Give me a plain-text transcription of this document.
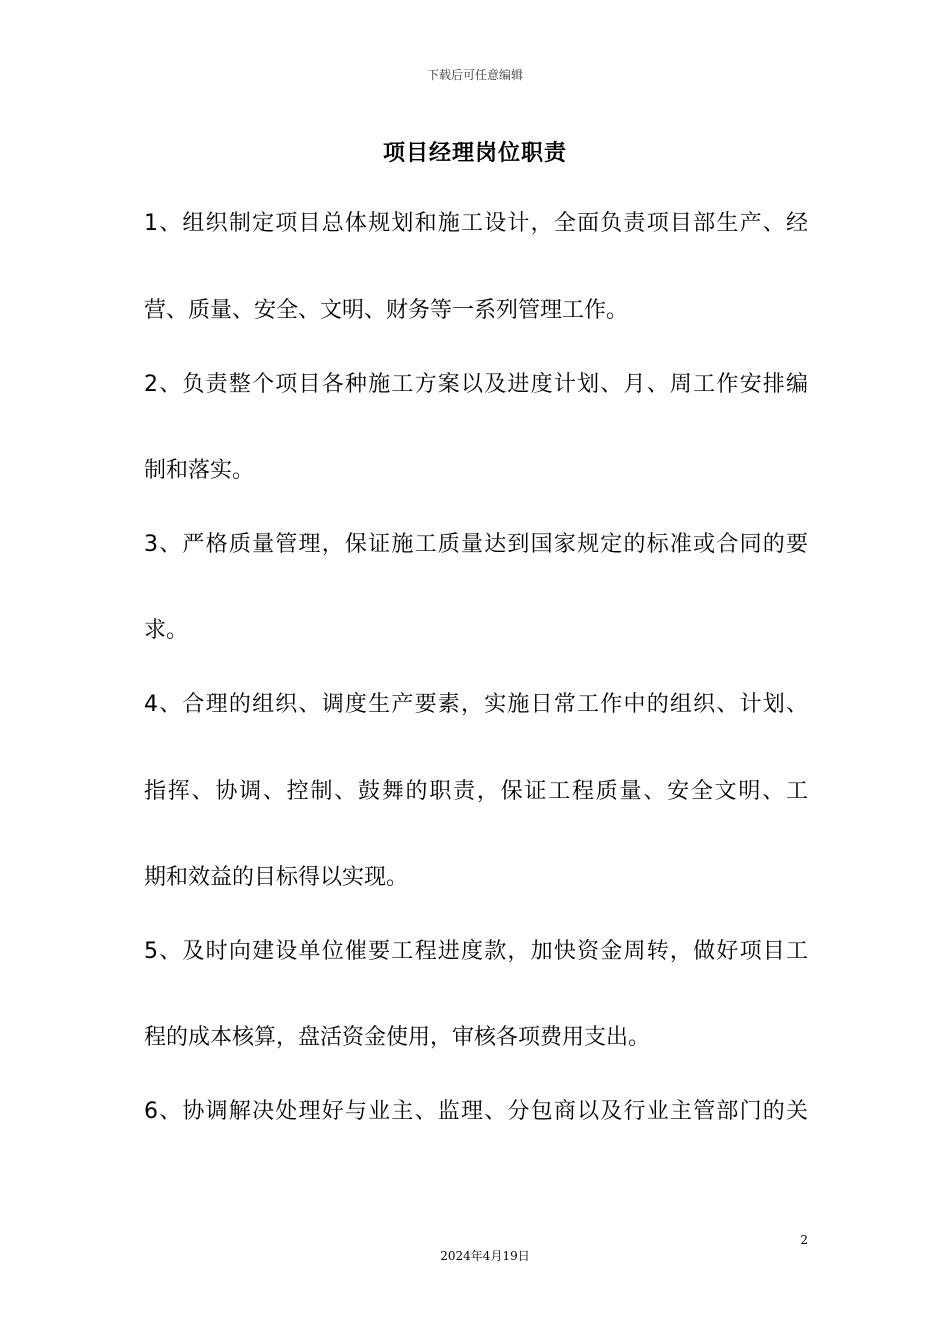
下载后可任意编辑
项目经理岗位职责
1、组织制定项目总体规划和施工设计，全面负责项目部生产、经
营、质量、安全、文明、财务等一系列管理工作。
2、负责整个项目各种施工方案以及进度计划、月、周工作安排编
制和落实。
3、严格质量管理，保证施工质量达到国家规定的标准或合同的要
求。
4、合理的组织、调度生产要素，实施日常工作中的组织、计划、
指挥、协调、控制、鼓舞的职责，保证工程质量、安全文明、工
期和效益的目标得以实现。
5、及时向建设单位催要工程进度款，加快资金周转，做好项目工
程的成本核算，盘活资金使用，审核各项费用支出。
6、协调解决处理好与业主、监理、分包商以及行业主管部门的关
2
2024年4月19日
